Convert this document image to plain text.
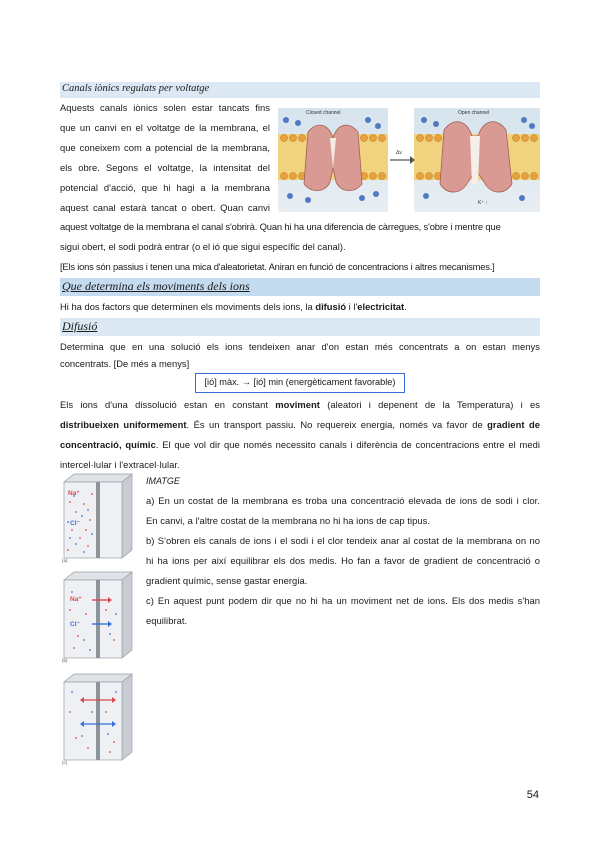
Canals iònics regulats per voltatge
Aquests canals iònics solen estar tancats fins
que un canvi en el voltatge de la membrana, el
que coneixem com a potencial de la membrana,
els obre. Segons el voltatge, la intensitat del
potencial d'acció, que hi hagi a la membrana
aquest canal estarà tancat o obert. Quan canvi
Closed channel	Open channel
Δv
K⁺ ↑
aquest voltatge de la membrana el canal s'obrirà. Quan hi ha una diferencia de càrregues, s'obre i mentre que
sigui obert, el sodi podrà entrar (o el ió que sigui específic del canal).
[Els ions són passius i tenen una mica d'aleatorietat. Aniran en funció de concentracions i altres mecanismes.]
Que determina els moviments dels ions
Hi ha dos factors que determinen els moviments dels ions, la difusió i l'electricitat.
Difusió
Determina que en una solució els ions tendeixen anar d'on estan més concentrats a on estan menys
concentrats. [De més a menys]
[ió] màx. → [ió] min (energèticament favorable)
Els ions d'una dissolució estan en constant moviment (aleatori i depenent de la Temperatura) i es
distribueixen uniformement. És un transport passiu. No requereix energia, només va favor de gradient de
concentració, químic. El que vol dir que només necessito canals i diferència de concentracions entre el medi
intercel·lular i l'extracel·lular.
Na⁺
Cl⁻
(a)
Na⁺
Cl⁻
(b)
(c)
IMATGE
a) En un costat de la membrana es troba una concentració elevada de ions de sodi i clor.
En canvi, a l'altre costat de la membrana no hi ha ions de cap tipus.
b) S'obren els canals de ions i el sodi i el clor tendeix anar al costat de la membrana on no
hi ha ions per així equilibrar els dos medis. Ho fan a favor de gradient de concentració o
gradient químic, sense gastar energia.
c) En aquest punt podem dir que no hi ha un moviment net de ions. Els dos medis s'han
equilibrat.
54
